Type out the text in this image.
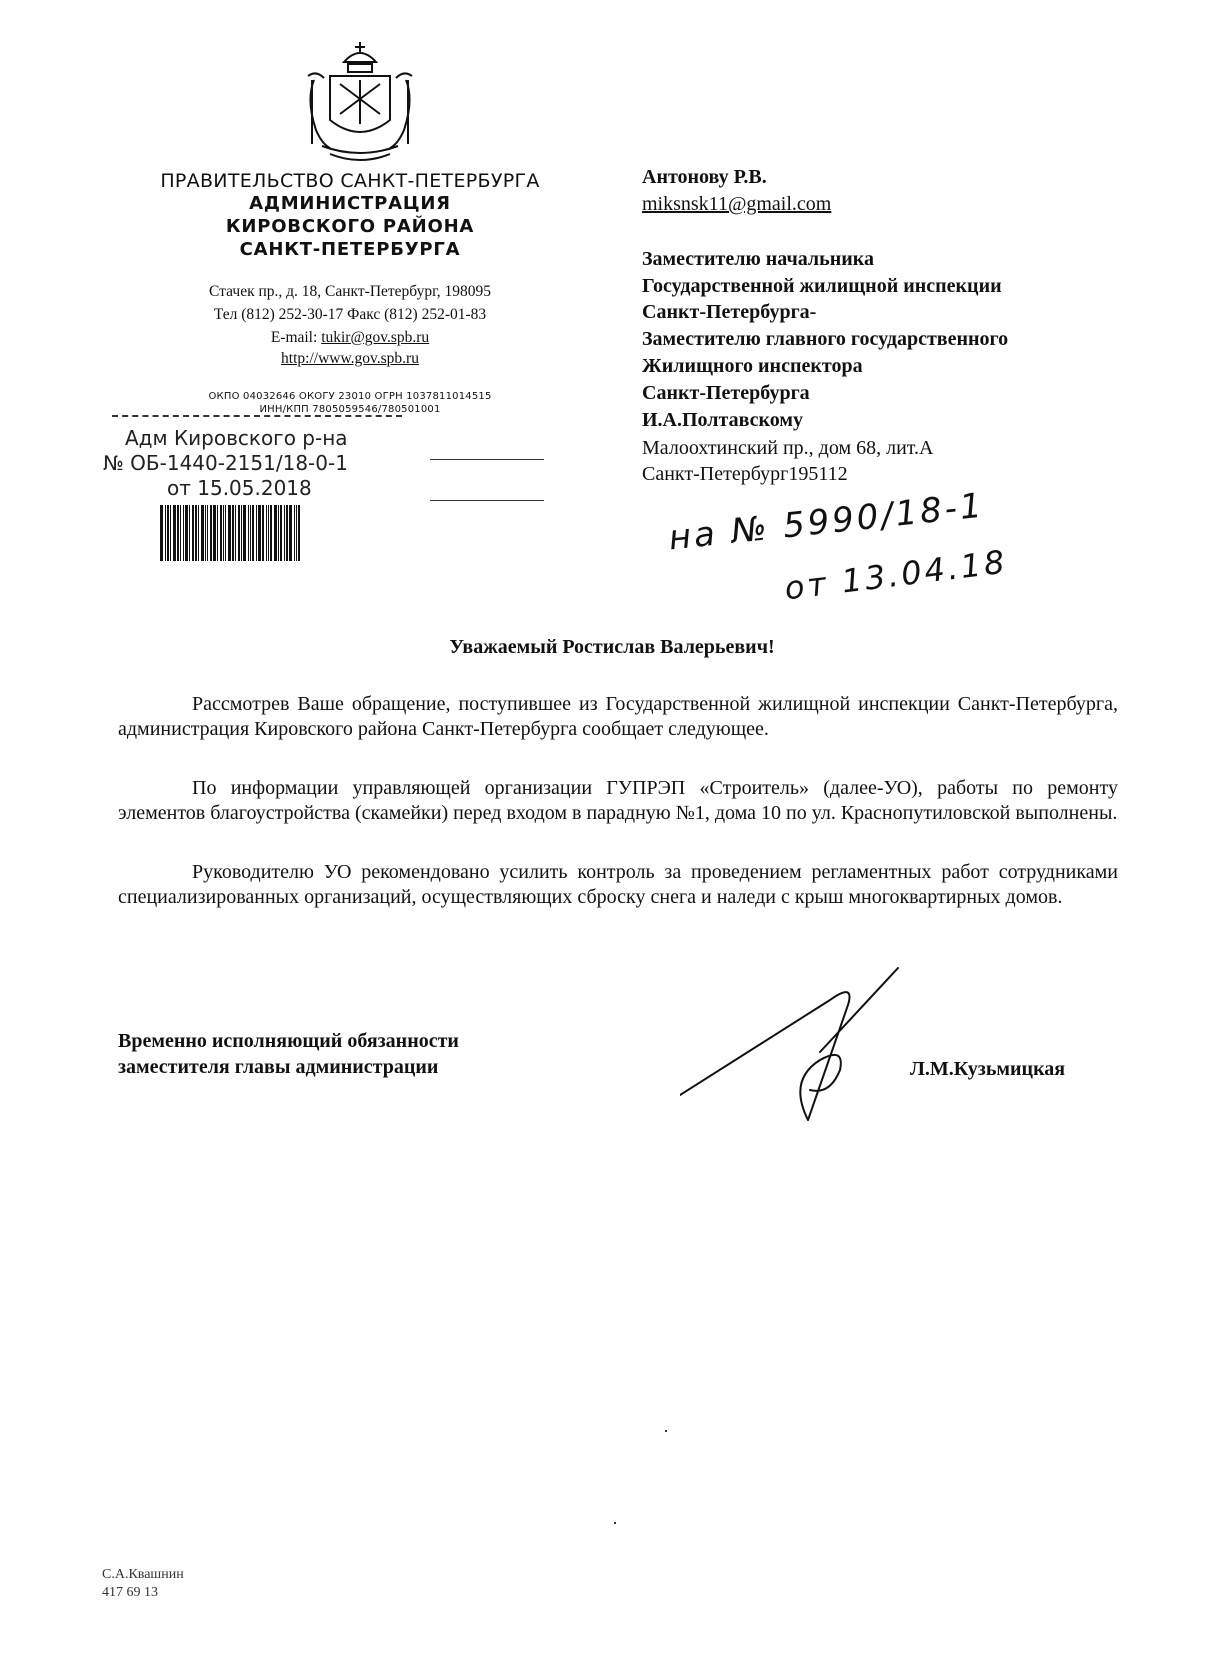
ПРАВИТЕЛЬСТВО САНКТ-ПЕТЕРБУРГА
АДМИНИСТРАЦИЯ
КИРОВСКОГО РАЙОНА
САНКТ-ПЕТЕРБУРГА
Стачек пр., д. 18, Санкт-Петербург, 198095
Тел (812) 252-30-17 Факс (812) 252-01-83
E-mail: tukir@gov.spb.ru
http://www.gov.spb.ru
ОКПО 04032646 ОКОГУ 23010 ОГРН 1037811014515
ИНН/КПП 7805059546/780501001
Адм Кировского р-на
№ ОБ-1440-2151/18-0-1
от 15.05.2018
Антонову Р.В.
miksnsk11@gmail.com
Заместителю начальника
Государственной жилищной инспекции
Санкт-Петербурга-
Заместителю главного государственного
Жилищного инспектора
Санкт-Петербурга
И.А.Полтавскому
Малоохтинский пр., дом 68, лит.А
Санкт-Петербург195112
на № 5990/18-1
от 13.04.18
Уважаемый Ростислав Валерьевич!
Рассмотрев Ваше обращение, поступившее из Государственной жилищной инспекции Санкт-Петербурга, администрация Кировского района Санкт-Петербурга сообщает следующее.
По информации управляющей организации ГУПРЭП «Строитель» (далее-УО), работы по ремонту элементов благоустройства (скамейки) перед входом в парадную №1, дома 10 по ул. Краснопутиловской выполнены.
Руководителю УО рекомендовано усилить контроль за проведением регламентных работ сотрудниками специализированных организаций, осуществляющих сброску снега и наледи с крыш многоквартирных домов.
Временно исполняющий обязанности
заместителя главы администрации	Л.М.Кузьмицкая
С.А.Квашнин
417 69 13
